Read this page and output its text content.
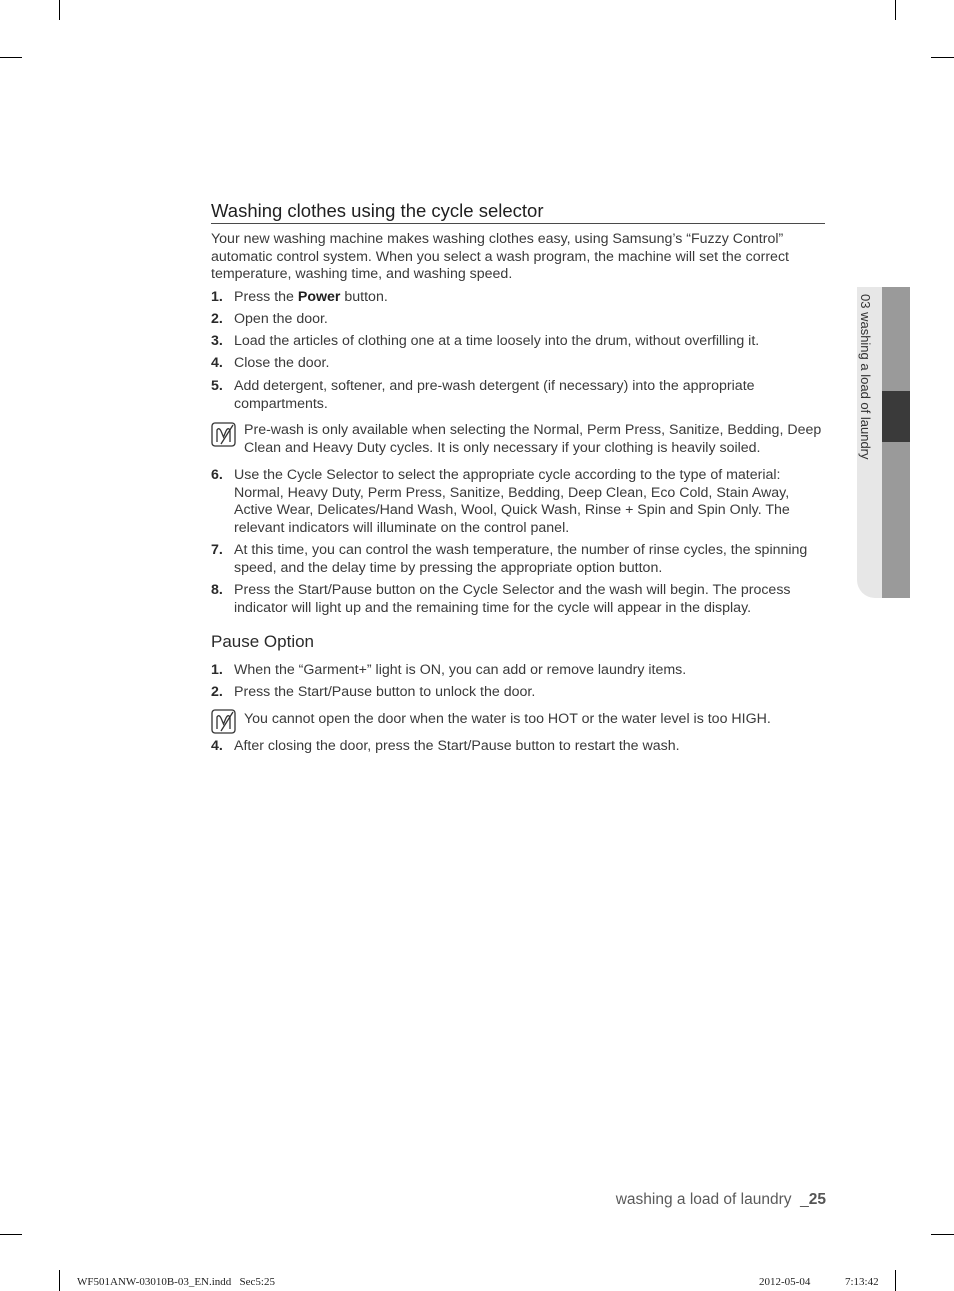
03 washing a load of laundry
Washing clothes using the cycle selector
Your new washing machine makes washing clothes easy, using Samsung’s “Fuzzy Control” automatic control system. When you select a wash program, the machine will set the correct temperature, washing time, and washing speed.
1. Press the Power button.
2. Open the door.
3. Load the articles of clothing one at a time loosely into the drum, without overfilling it.
4. Close the door.
5. Add detergent, softener, and pre-wash detergent (if necessary) into the appropriate compartments.
Pre-wash is only available when selecting the Normal, Perm Press, Sanitize, Bedding, Deep Clean and Heavy Duty cycles. It is only necessary if your clothing is heavily soiled.
6. Use the Cycle Selector to select the appropriate cycle according to the type of material: Normal, Heavy Duty, Perm Press, Sanitize, Bedding, Deep Clean, Eco Cold, Stain Away, Active Wear, Delicates/Hand Wash, Wool, Quick Wash, Rinse + Spin and Spin Only. The relevant indicators will illuminate on the control panel.
7. At this time, you can control the wash temperature, the number of rinse cycles, the spinning speed, and the delay time by pressing the appropriate option button.
8. Press the Start/Pause button on the Cycle Selector and the wash will begin. The process indicator will light up and the remaining time for the cycle will appear in the display.
Pause Option
1. When the “Garment+” light is ON, you can add or remove laundry items.
2. Press the Start/Pause button to unlock the door.
You cannot open the door when the water is too HOT or the water level is too HIGH.
4. After closing the door, press the Start/Pause button to restart the wash.
washing a load of laundry  _25
WF501ANW-03010B-03_EN.indd   Sec5:25	2012-05-04	7:13:42
